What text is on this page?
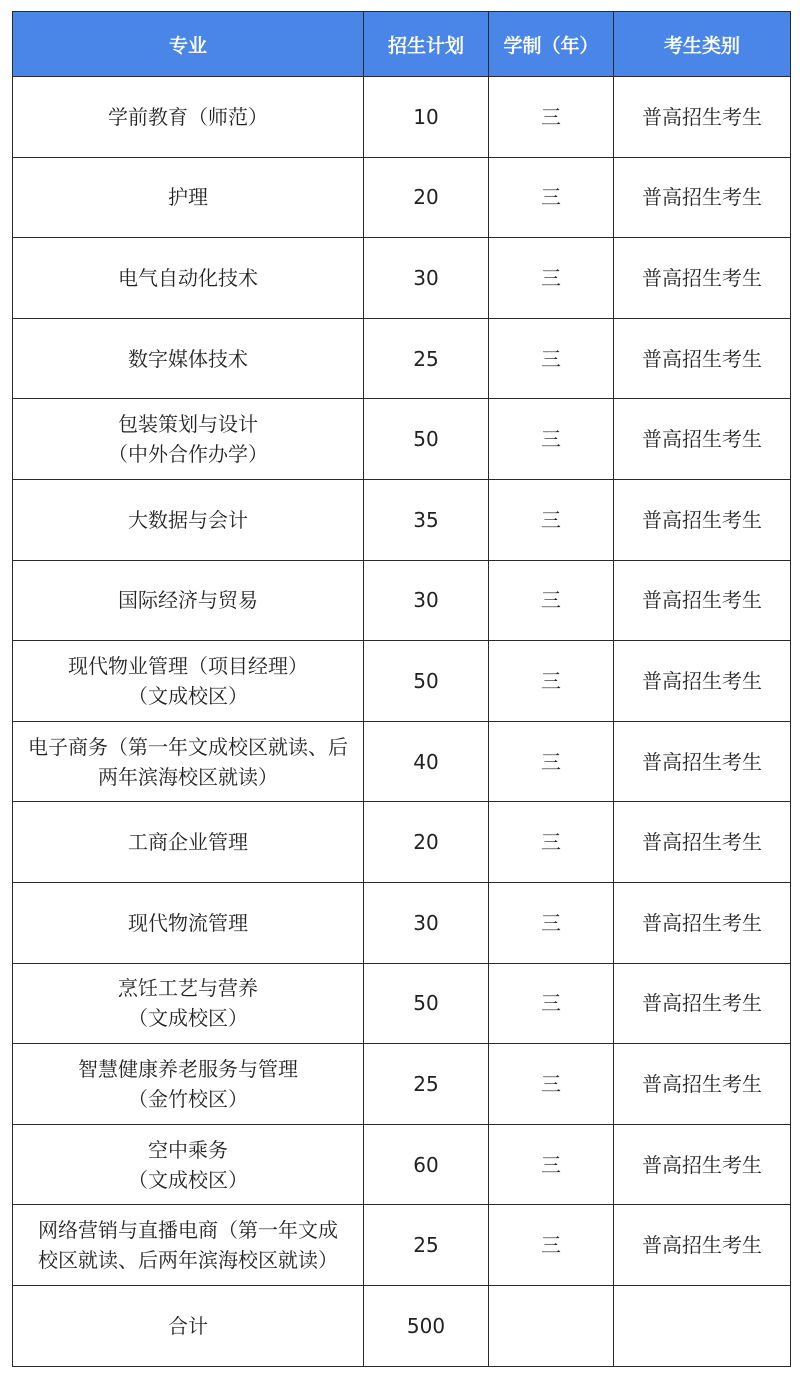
专业	招生计划	学制（年）	考生类别

学前教育（师范）	10	三	普高招生考生

护理	20	三	普高招生考生

电气自动化技术	30	三	普高招生考生

数字媒体技术	25	三	普高招生考生

包装策划与设计
（中外合作办学）	50	三	普高招生考生

大数据与会计	35	三	普高招生考生

国际经济与贸易	30	三	普高招生考生

现代物业管理（项目经理）
（文成校区）	50	三	普高招生考生

电子商务（第一年文成校区就读、后
两年滨海校区就读）	40	三	普高招生考生

工商企业管理	20	三	普高招生考生

现代物流管理	30	三	普高招生考生

烹饪工艺与营养
（文成校区）	50	三	普高招生考生

智慧健康养老服务与管理
（金竹校区）	25	三	普高招生考生

空中乘务
（文成校区）	60	三	普高招生考生

网络营销与直播电商（第一年文成
校区就读、后两年滨海校区就读）	25	三	普高招生考生
合计	500		
